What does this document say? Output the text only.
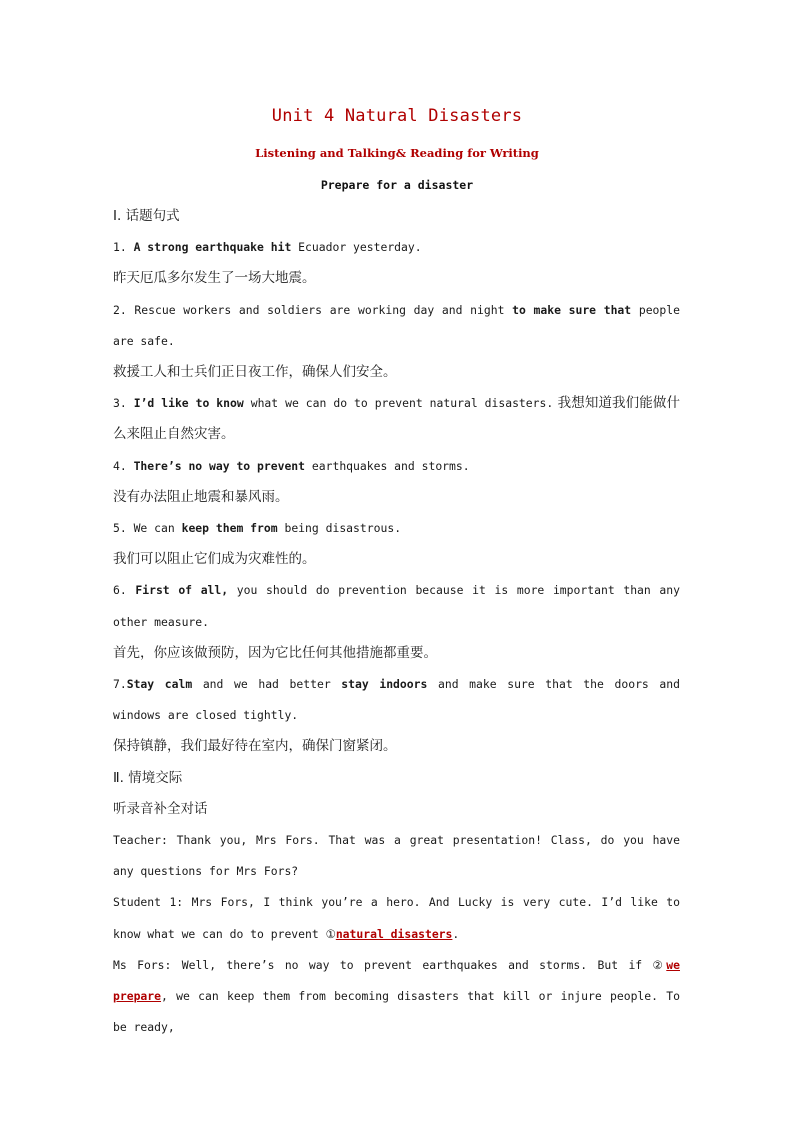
Unit 4 Natural Disasters
Listening and Talking& Reading for Writing
Prepare for a disaster

Ⅰ. 话题句式

1. A strong earthquake hit Ecuador yesterday.

昨天厄瓜多尔发生了一场大地震。

2. Rescue workers and soldiers are working day and night to make sure that people are safe.

救援工人和士兵们正日夜工作，确保人们安全。

3. I’d like to know what we can do to prevent natural disasters. 我想知道我们能做什么来阻止自然灾害。

4. There’s no way to prevent earthquakes and storms.

没有办法阻止地震和暴风雨。

5. We can keep them from being disastrous.

我们可以阻止它们成为灾难性的。

6. First of all, you should do prevention because it is more important than any other measure.

首先，你应该做预防，因为它比任何其他措施都重要。

7.Stay calm and we had better stay indoors and make sure that the doors and windows are closed tightly.

保持镇静，我们最好待在室内，确保门窗紧闭。

Ⅱ. 情境交际

听录音补全对话

Teacher: Thank you, Mrs Fors. That was a great presentation! Class, do you have any questions for Mrs Fors?

Student 1: Mrs Fors, I think you’re a hero. And Lucky is very cute. I’d like to know what we can do to prevent ①natural disasters.

Ms Fors: Well, there’s no way to prevent earthquakes and storms. But if ②we prepare, we can keep them from becoming disasters that kill or injure people. To be ready,
